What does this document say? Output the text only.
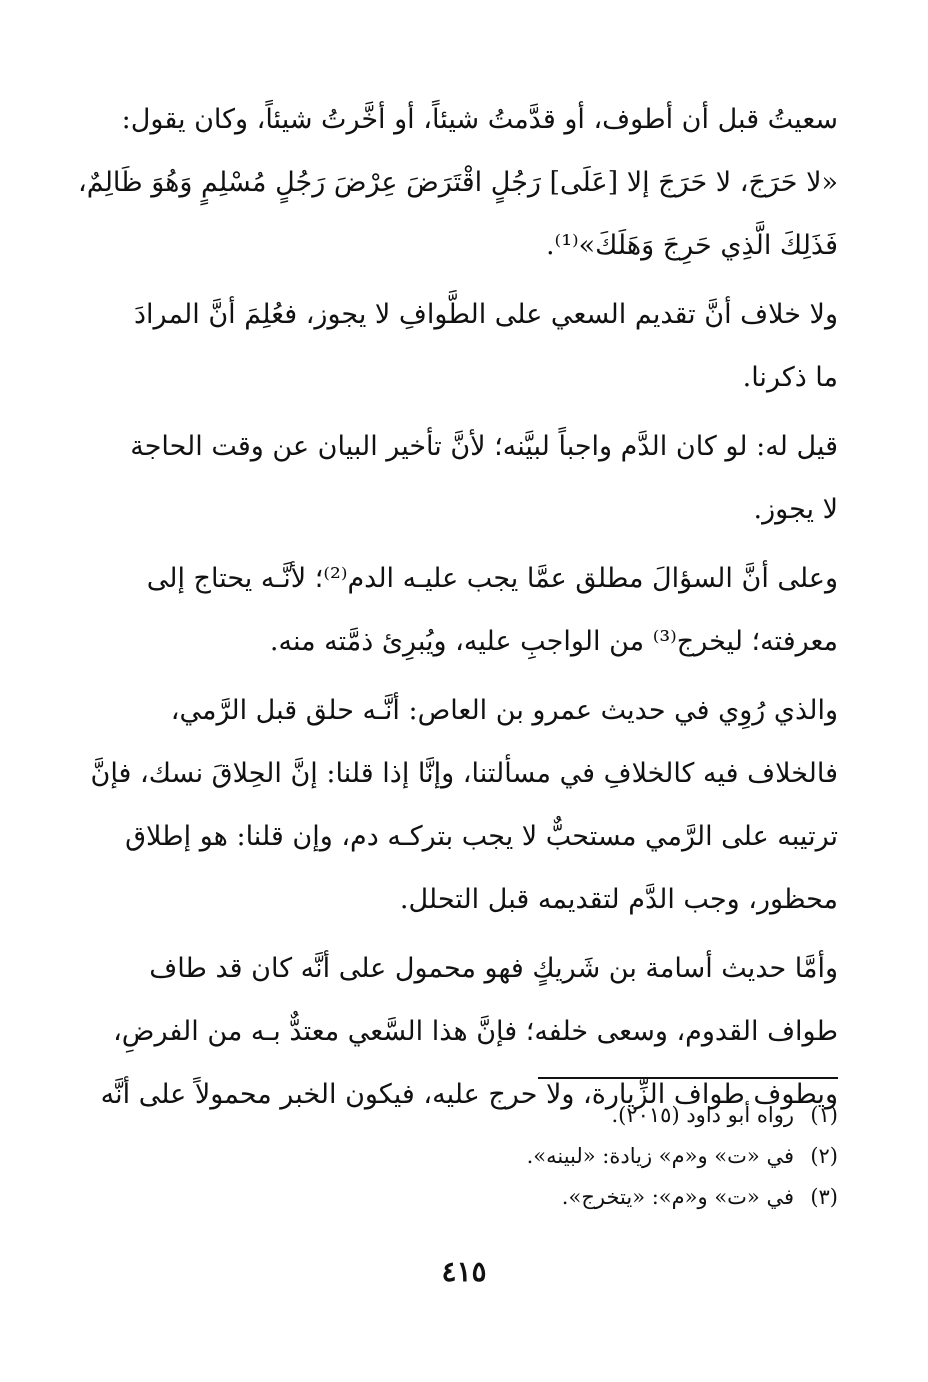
سعيتُ قبل أن أطوف، أو قدَّمتُ شيئاً، أو أخَّرتُ شيئاً، وكان يقول:
«لا حَرَجَ، لا حَرَجَ إلا [عَلَى] رَجُلٍ اقْتَرَضَ عِرْضَ رَجُلٍ مُسْلِمٍ وَهُوَ ظَالِمٌ،
فَذَلِكَ الَّذِي حَرِجَ وَهَلَكَ»⁽¹⁾.

ولا خلاف أنَّ تقديم السعي على الطَّوافِ لا يجوز، فعُلِمَ أنَّ المرادَ
ما ذكرنا.

قيل له: لو كان الدَّم واجباً لبيَّنه؛ لأنَّ تأخير البيان عن وقت الحاجة
لا يجوز.

وعلى أنَّ السؤالَ مطلق عمَّا يجب عليـه الدم⁽²⁾؛ لأنَّـه يحتاج إلى
معرفته؛ ليخرج⁽³⁾ من الواجبِ عليه، ويُبرِئ ذمَّته منه.

والذي رُوِي في حديث عمرو بن العاص: أنَّـه حلق قبل الرَّمي،
فالخلاف فيه كالخلافِ في مسألتنا، وإنَّا إذا قلنا: إنَّ الحِلاقَ نسك، فإنَّ
ترتيبه على الرَّمي مستحبٌّ لا يجب بتركـه دم، وإن قلنا: هو إطلاق
محظور، وجب الدَّم لتقديمه قبل التحلل.

وأمَّا حديث أسامة بن شَريكٍ فهو محمول على أنَّه كان قد طاف
طواف القدوم، وسعى خلفه؛ فإنَّ هذا السَّعي معتدٌّ بـه من الفرضِ،
ويطوف طواف الزِّيارة، ولا حرج عليه، فيكون الخبر محمولاً على أنَّه

(١)رواه أبو داود (٢٠١٥).
(٢)في «ت» و«م» زيادة: «لبينه».
(٣)في «ت» و«م»: «يتخرج».
٤١٥
